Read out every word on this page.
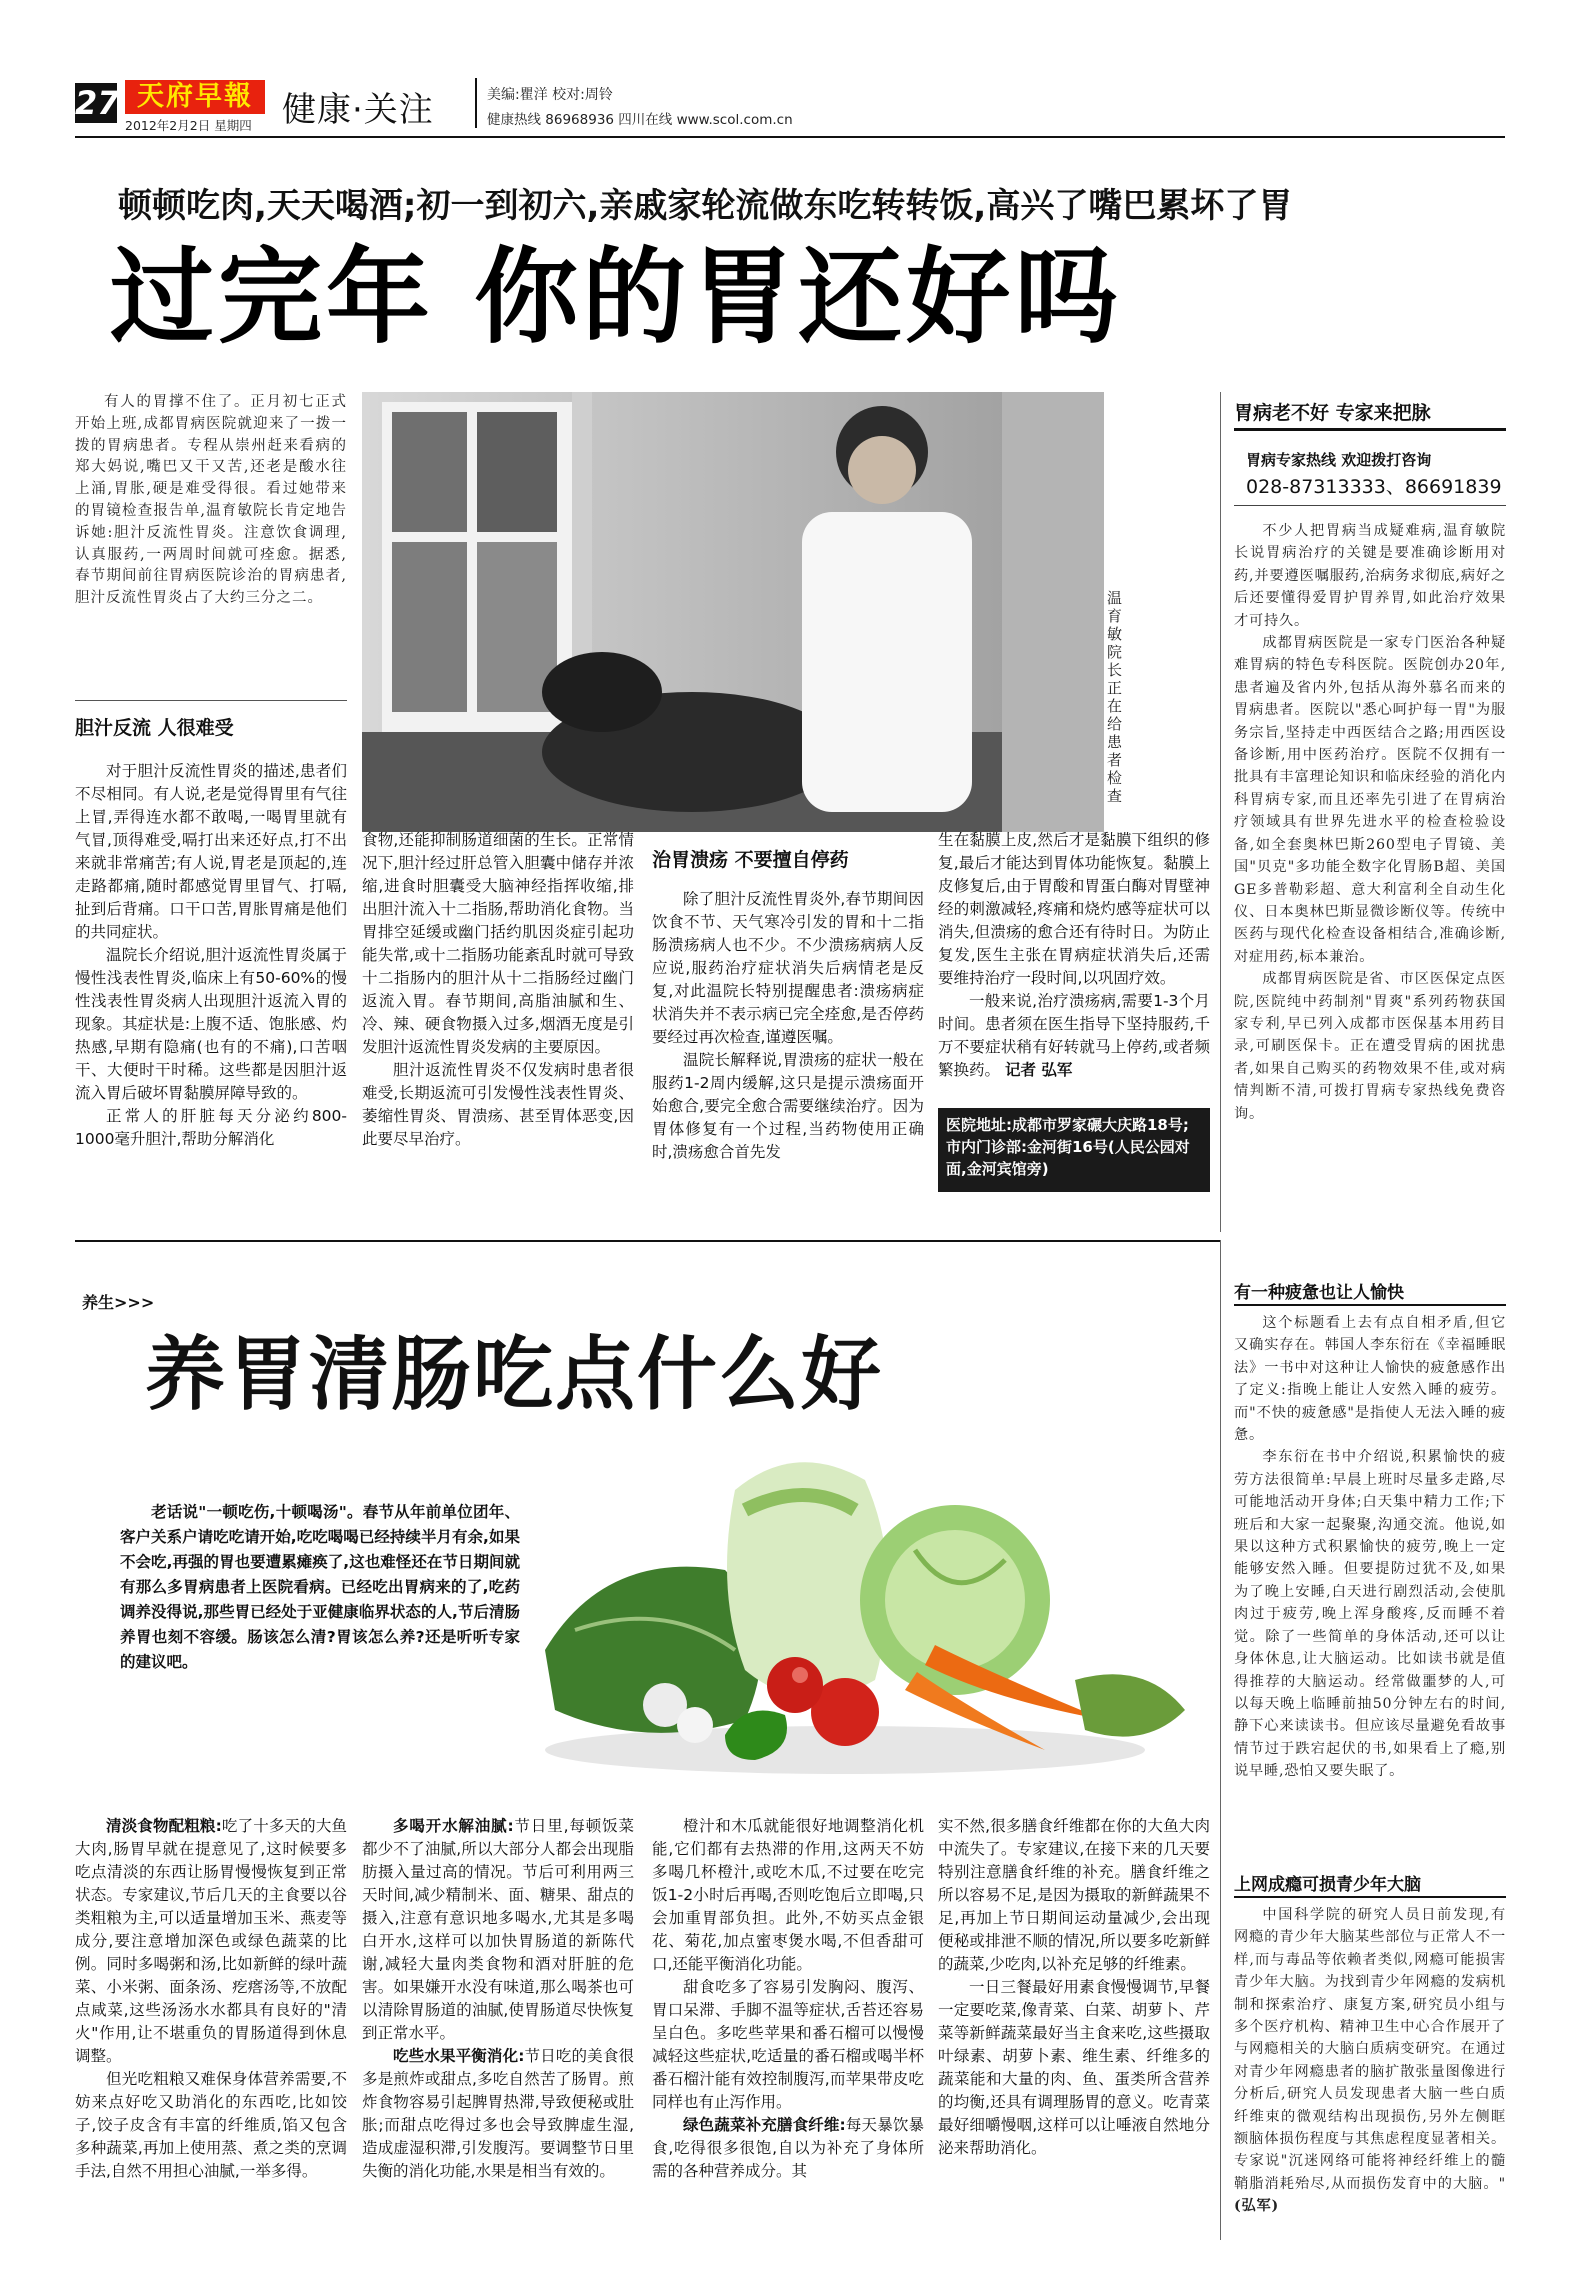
27 天府早報
2012年2月2日 星期四 健康·关注	美编:瞿洋 校对:周铃
健康热线 86968936 四川在线 www.scol.com.cn
顿顿吃肉,天天喝酒;初一到初六,亲戚家轮流做东吃转转饭,高兴了嘴巴累坏了胃
过完年 你的胃还好吗
有人的胃撑不住了。正月初七正式开始上班,成都胃病医院就迎来了一拨一拨的胃病患者。专程从崇州赶来看病的郑大妈说,嘴巴又干又苦,还老是酸水往上涌,胃胀,硬是难受得很。看过她带来的胃镜检查报告单,温育敏院长肯定地告诉她:胆汁反流性胃炎。注意饮食调理,认真服药,一两周时间就可痊愈。据悉,春节期间前往胃病医院诊治的胃病患者,胆汁反流性胃炎占了大约三分之二。	温育敏院长正在给患者检查
胆汁反流 人很难受

对于胆汁反流性胃炎的描述,患者们不尽相同。有人说,老是觉得胃里有气往上冒,弄得连水都不敢喝,一喝胃里就有气冒,顶得难受,嗝打出来还好点,打不出来就非常痛苦;有人说,胃老是顶起的,连走路都痛,随时都感觉胃里冒气、打嗝,扯到后背痛。口干口苦,胃胀胃痛是他们的共同症状。

温院长介绍说,胆汁返流性胃炎属于慢性浅表性胃炎,临床上有50-60%的慢性浅表性胃炎病人出现胆汁返流入胃的现象。其症状是:上腹不适、饱胀感、灼热感,早期有隐痛(也有的不痛),口苦咽干、大便时干时稀。这些都是因胆汁返流入胃后破坏胃黏膜屏障导致的。

正常人的肝脏每天分泌约800-1000毫升胆汁,帮助分解消化

食物,还能抑制肠道细菌的生长。正常情况下,胆汁经过肝总管入胆囊中储存并浓缩,进食时胆囊受大脑神经指挥收缩,排出胆汁流入十二指肠,帮助消化食物。当胃排空延缓或幽门括约肌因炎症引起功能失常,或十二指肠功能紊乱时就可导致十二指肠内的胆汁从十二指肠经过幽门返流入胃。春节期间,高脂油腻和生、冷、辣、硬食物摄入过多,烟酒无度是引发胆汁返流性胃炎发病的主要原因。

胆汁返流性胃炎不仅发病时患者很难受,长期返流可引发慢性浅表性胃炎、萎缩性胃炎、胃溃疡、甚至胃体恶变,因此要尽早治疗。

治胃溃疡 不要擅自停药

除了胆汁反流性胃炎外,春节期间因饮食不节、天气寒冷引发的胃和十二指肠溃疡病人也不少。不少溃疡病病人反应说,服药治疗症状消失后病情老是反复,对此温院长特别提醒患者:溃疡病症状消失并不表示病已完全痊愈,是否停药要经过再次检查,谨遵医嘱。

温院长解释说,胃溃疡的症状一般在服药1-2周内缓解,这只是提示溃疡面开始愈合,要完全愈合需要继续治疗。因为胃体修复有一个过程,当药物使用正确时,溃疡愈合首先发

生在黏膜上皮,然后才是黏膜下组织的修复,最后才能达到胃体功能恢复。黏膜上皮修复后,由于胃酸和胃蛋白酶对胃壁神经的刺激减轻,疼痛和烧灼感等症状可以消失,但溃疡的愈合还有待时日。为防止复发,医生主张在胃病症状消失后,还需要维持治疗一段时间,以巩固疗效。

一般来说,治疗溃疡病,需要1-3个月时间。患者须在医生指导下坚持服药,千万不要症状稍有好转就马上停药,或者频繁换药。 记者 弘军

医院地址:成都市罗家碾大庆路18号;市内门诊部:金河街16号(人民公园对面,金河宾馆旁)
胃病老不好 专家来把脉
胃病专家热线 欢迎拨打咨询
028-87313333、86691839

不少人把胃病当成疑难病,温育敏院长说胃病治疗的关键是要准确诊断用对药,并要遵医嘱服药,治病务求彻底,病好之后还要懂得爱胃护胃养胃,如此治疗效果才可持久。

成都胃病医院是一家专门医治各种疑难胃病的特色专科医院。医院创办20年,患者遍及省内外,包括从海外慕名而来的胃病患者。医院以"悉心呵护每一胃"为服务宗旨,坚持走中西医结合之路;用西医设备诊断,用中医药治疗。医院不仅拥有一批具有丰富理论知识和临床经验的消化内科胃病专家,而且还率先引进了在胃病治疗领域具有世界先进水平的检查检验设备,如全套奥林巴斯260型电子胃镜、美国"贝克"多功能全数字化胃肠B超、美国GE多普勒彩超、意大利富利全自动生化仪、日本奥林巴斯显微诊断仪等。传统中医药与现代化检查设备相结合,准确诊断,对症用药,标本兼治。

成都胃病医院是省、市区医保定点医院,医院纯中药制剂"胃爽"系列药物获国家专利,早已列入成都市医保基本用药目录,可刷医保卡。正在遭受胃病的困扰患者,如果自己购买的药物效果不佳,或对病情判断不清,可拨打胃病专家热线免费咨询。

养生>>>
养胃清肠吃点什么好
老话说"一顿吃伤,十顿喝汤"。春节从年前单位团年、客户关系户请吃吃请开始,吃吃喝喝已经持续半月有余,如果不会吃,再强的胃也要遭累瘫痪了,这也难怪还在节日期间就有那么多胃病患者上医院看病。已经吃出胃病来的了,吃药调养没得说,那些胃已经处于亚健康临界状态的人,节后清肠养胃也刻不容缓。肠该怎么清?胃该怎么养?还是听听专家的建议吧。

清淡食物配粗粮:吃了十多天的大鱼大肉,肠胃早就在提意见了,这时候要多吃点清淡的东西让肠胃慢慢恢复到正常状态。专家建议,节后几天的主食要以谷类粗粮为主,可以适量增加玉米、燕麦等成分,要注意增加深色或绿色蔬菜的比例。同时多喝粥和汤,比如新鲜的绿叶蔬菜、小米粥、面条汤、疙瘩汤等,不放配点咸菜,这些汤汤水水都具有良好的"清火"作用,让不堪重负的胃肠道得到休息调整。

但光吃粗粮又难保身体营养需要,不妨来点好吃又助消化的东西吃,比如饺子,饺子皮含有丰富的纤维质,馅又包含多种蔬菜,再加上使用蒸、煮之类的烹调手法,自然不用担心油腻,一举多得。

多喝开水解油腻:节日里,每顿饭菜都少不了油腻,所以大部分人都会出现脂肪摄入量过高的情况。节后可利用两三天时间,减少精制米、面、糖果、甜点的摄入,注意有意识地多喝水,尤其是多喝白开水,这样可以加快胃肠道的新陈代谢,减轻大量肉类食物和酒对肝脏的危害。如果嫌开水没有味道,那么喝茶也可以清除胃肠道的油腻,使胃肠道尽快恢复到正常水平。

吃些水果平衡消化:节日吃的美食很多是煎炸或甜点,多吃自然苦了肠胃。煎炸食物容易引起脾胃热滞,导致便秘或肚胀;而甜点吃得过多也会导致脾虚生湿,造成虚湿积滞,引发腹泻。要调整节日里失衡的消化功能,水果是相当有效的。

橙汁和木瓜就能很好地调整消化机能,它们都有去热滞的作用,这两天不妨多喝几杯橙汁,或吃木瓜,不过要在吃完饭1-2小时后再喝,否则吃饱后立即喝,只会加重胃部负担。此外,不妨买点金银花、菊花,加点蜜枣煲水喝,不但香甜可口,还能平衡消化功能。

甜食吃多了容易引发胸闷、腹泻、胃口呆滞、手脚不温等症状,舌苔还容易呈白色。多吃些苹果和番石榴可以慢慢减轻这些症状,吃适量的番石榴或喝半杯番石榴汁能有效控制腹泻,而苹果带皮吃同样也有止泻作用。

绿色蔬菜补充膳食纤维:每天暴饮暴食,吃得很多很饱,自以为补充了身体所需的各种营养成分。其

实不然,很多膳食纤维都在你的大鱼大肉中流失了。专家建议,在接下来的几天要特别注意膳食纤维的补充。膳食纤维之所以容易不足,是因为摄取的新鲜蔬果不足,再加上节日期间运动量减少,会出现便秘或排泄不顺的情况,所以要多吃新鲜的蔬菜,少吃肉,以补充足够的纤维素。

一日三餐最好用素食慢慢调节,早餐一定要吃菜,像青菜、白菜、胡萝卜、芹菜等新鲜蔬菜最好当主食来吃,这些摄取叶绿素、胡萝卜素、维生素、纤维多的蔬菜能和大量的肉、鱼、蛋类所含营养的均衡,还具有调理肠胃的意义。吃青菜最好细嚼慢咽,这样可以让唾液自然地分泌来帮助消化。

有一种疲惫也让人愉快

这个标题看上去有点自相矛盾,但它又确实存在。韩国人李东衍在《幸福睡眠法》一书中对这种让人愉快的疲惫感作出了定义:指晚上能让人安然入睡的疲劳。而"不快的疲惫感"是指使人无法入睡的疲惫。

李东衍在书中介绍说,积累愉快的疲劳方法很简单:早晨上班时尽量多走路,尽可能地活动开身体;白天集中精力工作;下班后和大家一起聚聚,沟通交流。他说,如果以这种方式积累愉快的疲劳,晚上一定能够安然入睡。但要提防过犹不及,如果为了晚上安睡,白天进行剧烈活动,会使肌肉过于疲劳,晚上浑身酸疼,反而睡不着觉。除了一些简单的身体活动,还可以让身体休息,让大脑运动。比如读书就是值得推荐的大脑运动。经常做噩梦的人,可以每天晚上临睡前抽50分钟左右的时间,静下心来读读书。但应该尽量避免看故事情节过于跌宕起伏的书,如果看上了瘾,别说早睡,恐怕又要失眠了。

上网成瘾可损青少年大脑

中国科学院的研究人员日前发现,有网瘾的青少年大脑某些部位与正常人不一样,而与毒品等依赖者类似,网瘾可能损害青少年大脑。为找到青少年网瘾的发病机制和探索治疗、康复方案,研究员小组与多个医疗机构、精神卫生中心合作展开了与网瘾相关的大脑白质病变研究。在通过对青少年网瘾患者的脑扩散张量图像进行分析后,研究人员发现患者大脑一些白质纤维束的微观结构出现损伤,另外左侧眶额脑体损伤程度与其焦虑程度显著相关。专家说"沉迷网络可能将神经纤维上的髓鞘脂消耗殆尽,从而损伤发育中的大脑。" (弘军)
